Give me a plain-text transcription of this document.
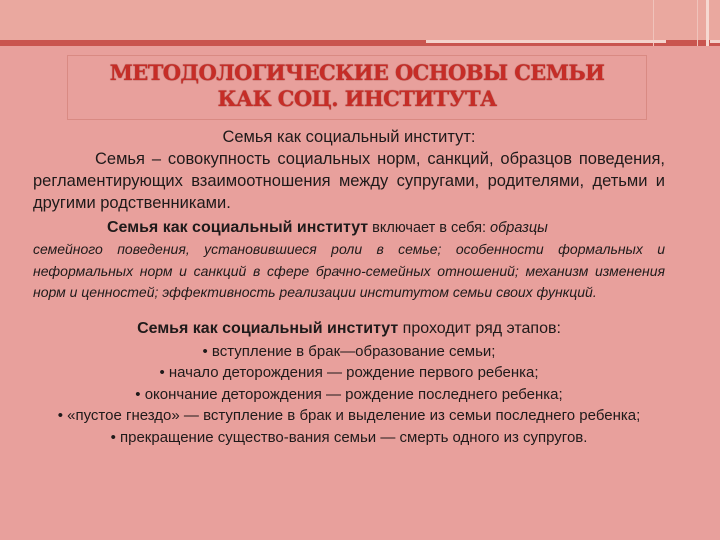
МЕТОДОЛОГИЧЕСКИЕ ОСНОВЫ СЕМЬИ
КАК СОЦ. ИНСТИТУТА
Семья как социальный институт:
Семья – совокупность социальных норм, санкций, образцов поведения, регламентирующих взаимоотношения между супругами, родителями, детьми и другими родственниками.
Семья как социальный институт включает в себя: образцы
семейного поведения, установившиеся роли в семье; особенности формальных и неформальных норм и санкций в сфере брачно-семейных отношений; механизм изменения норм и ценностей; эффективность реализации институтом семьи своих функций.
Семья как социальный институт проходит ряд этапов:
• вступление в брак—образование семьи;
• начало деторождения — рождение первого ребенка;
• окончание деторождения — рождение последнего ребенка;
• «пустое гнездо» — вступление в брак и выделение из семьи последнего ребенка;
• прекращение существо-вания семьи — смерть одного из супругов.
